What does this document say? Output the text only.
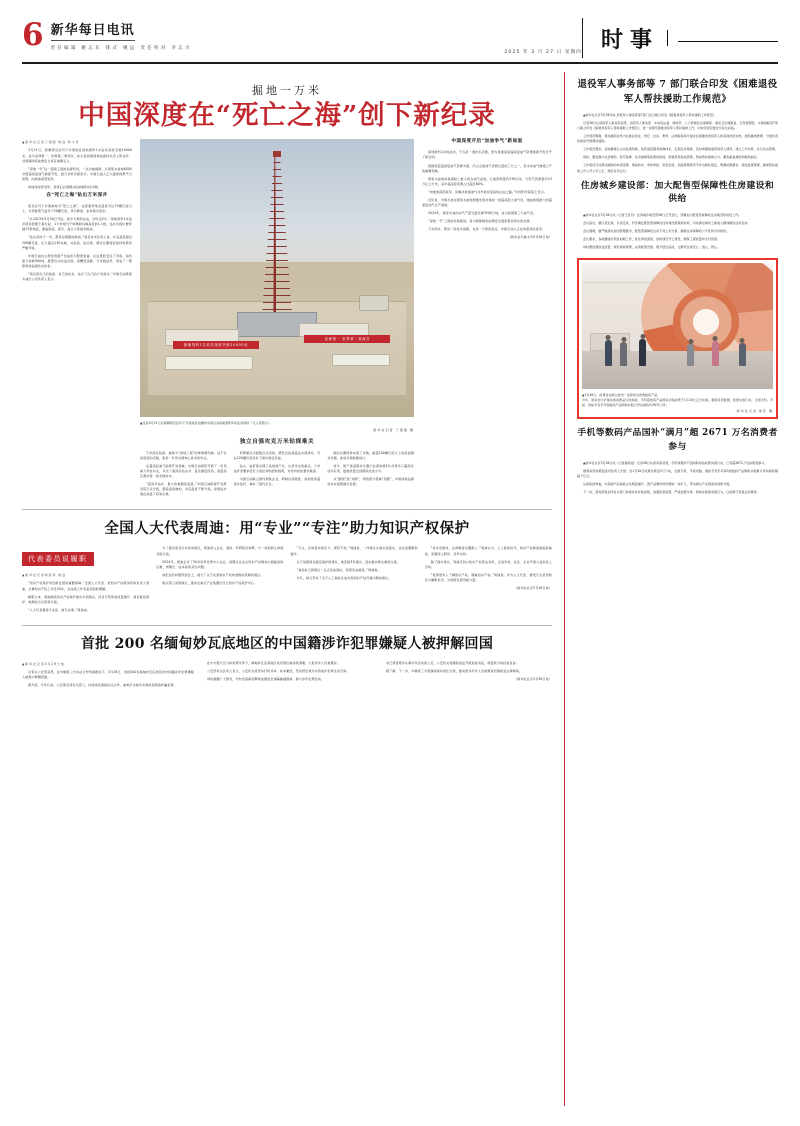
6 新华每日电讯
责任编辑 姚志东 排式 姚远 责任校对 李志兴
2025 年 3 月 27 日 星期四 时事
掘地一万米
中国深度在“死亡之海”创下新纪录
▲新华社记者丁建刚 姚远 杨小可

3月21日，新疆塔克拉玛干沙漠地区深地塔科1井钻井深度突破10000米，成为亚洲第一、世界第二垂深井，标志着我国深地钻探技术迈上新台阶，对保障国家能源安全具有重要意义。

“深地一号”这一超级工程的钻探纪录，一次次被刷新。从塔里木盆地8000米级超深层油气勘探开发，到万米科学探索井，中国石油人正以超常的勇气与智慧，向地球深部进军。

向地球深部进军，是我们必须解决的战略科技问题。

在“死亡之海”钻出万米深井

塔克拉玛干沙漠被称为“死亡之海”，这里夏季地表温度可达70摄氏度以上，冬季最低气温零下30摄氏度，风沙肆虐，条件极为恶劣。

“从2023年5月30日开钻，到今天顺利完钻，历时近2年。”深地塔科1井钻井项目经理王春生说，1万米相当于珠穆朗玛峰高度的1.1倍，钻井过程中要穿越13套地层，面临高温、高压、高应力等诸多挑战。

“钻头每向下一米，都是对极限的挑战。”项目技术负责人说，井底温度超过200摄氏度，压力超过130兆帕，对钻具、钻井液、测井仪器等装备材料都是严峻考验。

中国石油自主研发的国产化钻机与配套装备，在这里经受住了考验。钻机最大钩载900吨，配套自动化钻台面、高精度顶驱、万米级钻杆，形成了一整套深地钻探技术体系。

“我们用自己的装备、自己的技术，钻出了自己的万米深井。”中国石油塔里木油田公司负责人表示。

深地塔科1井钻井深度突破10000米
亚洲第一 世界第二垂深井
▲这是3月21日在新疆塔克拉玛干沙漠地区拍摄的中国石油深地塔科1井钻井现场（无人机照片）。
新华社记者 丁建刚 摄
独立自强攻克万米钻探难关

万米深井钻探，被称为“深地工程”的珠穆朗玛峰。这不仅是深度的突破，更是一系列关键核心技术的攻关。

在超深层油气勘探开发领域，中国石油组织开展了一系列重大科技攻关，攻克了超深井钻完井、复杂储层改造、高温高压测试等一批关键技术。

“超深井钻井，最大的难题是高温。”中国石油勘探开发研究院专家介绍，随着深度增加，井底温度不断升高，常规钻井液在高温下容易失效。

科研团队历经数百次试验，研发出抗高温钻井液体系，可在220摄氏度条件下保持稳定性能。

钻头、钻杆等关键工具的国产化，也是攻关的重点。万米钻杆需要承受巨大的拉伸和扭转载荷，对材料性能要求极高。

中国石油联合国内钢铁企业，研制出高强度、高韧性的超深井钻杆，填补了国内空白。

测井仪器同样实现了突破。耐温200摄氏度以上的高温测井仪器，此前长期依赖进口。

如今，国产高温测井仪器已在深地塔科1井等多口超深井成功应用，数据质量达到国际先进水平。

从“跟跑”到“并跑”，再到部分领域“领跑”，中国深地钻探技术实现跨越式发展。

中国深度开启“加油争气”新局面

深地塔科1井的成功，不仅是一项技术突破，更为我国深层超深层油气资源勘探开发打开了新空间。

我国深层超深层油气资源丰富，约占全国油气资源总量的三分之一，是未来油气增储上产的重要领域。

塔里木盆地是我国陆上最大的含油气盆地，石油资源量约230亿吨，天然气资源量约23万亿立方米，其中超深层资源占比超过60%。

“向地球深部进军，是解决我国油气对外依存度高的必由之路。”中国科学院院士表示。

近年来，中国石油在塔里木盆地相继发现并建成一批超深层大油气田，建成我国最大的超深层油气生产基地。

2024年，塔里木油田油气产量当量突破3500万吨，成为我国第三大油气田。

“深地一号”工程的持续推进，将为保障国家能源安全提供更加坚实的支撑。

万米深井，既是一座技术高峰，也是一个新的起点。中国石油人正在向更深处进军。

（新华社乌鲁木齐3月26日电）

全国人大代表周迪：用“专业”“专注”助力知识产权保护
代表委员说履职
▲新华社记者杨湛菲 姚远

“知识产权保护是创新发展的重要保障。”全国人大代表、某知识产权服务机构负责人周迪，从事知识产权工作近20年，对这项工作有着深刻的理解。

履职以来，周迪围绕知识产权保护提出多项建议，涉及专利审查质量提升、商业秘密保护、地理标志运用等方面。

“人大代表要讲专业话、做专业事。”周迪说。

为了提出更有针对性的建议，周迪深入企业、高校、科研院所调研，与一线创新主体面对面交流。

2024年，周迪走访了30多家科技型中小企业，梳理出企业在知识产权维权中面临的取证难、周期长、成本高等突出问题。

她把这些问题带到会上，提交了关于完善知识产权快速维权机制的建议。

相关部门采纳建议，推动在重点产业集聚区设立知识产权保护中心。

“专注，意味着持续发力、紧盯不放。”周迪说，一件建议从提出到落实，往往需要跟踪数年。

关于加强商业秘密保护的建议，她连续3年提出，逐步推动相关制度完善。

“看到自己的建议一点点变成现实，特别有成就感。”周迪说。

今年，她又带来了关于人工智能生成内容知识产权归属问题的建议。

“技术发展快，法律制度也要跟上。”周迪认为，人工智能时代，知识产权制度面临新挑战，需要深入研究、及早布局。

除了提出建议，周迪还热心知识产权普法宣传，走进学校、社区、企业开展公益讲座上百场。

“希望更多人了解知识产权、尊重知识产权。”周迪说，作为人大代表，要把专业优势转化为履职优势，为创新发展贡献力量。

（新华社北京3月26日电）

首批 200 名缅甸妙瓦底地区的中国籍涉诈犯罪嫌疑人被押解回国
▲新华社记者3月26日电

记者从公安部获悉，在中缅泰三方执法合作机制推动下，3月26日，首批200名缅甸妙瓦底地区的中国籍涉诈犯罪嫌疑人被集中押解回国。

据介绍，今年以来，公安部会同有关部门，持续深化国际执法合作，重拳打击境外涉我电信网络诈骗犯罪。

在中方强大压力和政策攻势下，缅甸妙瓦底等地区电诈园区被持续清剿，大批涉诈人员被遣返。

公安部有关负责人表示，公安机关将坚持打防并举、标本兼治，坚决挤压境外涉我电诈犯罪生存空间。

同时提醒广大群众，切勿受高薪招聘等虚假信息诱骗偷越国境、参与涉诈犯罪活动。

对已滞留境外从事涉诈活动的人员，公安机关将继续依法开展追逃劝投，敦促其尽快投案自首。

据了解，下一步，中缅泰三方将继续保持高压态势，推动更多涉诈人员被遣返回国接受法律制裁。

（新华社北京3月26日电）

退役军人事务部等 7 部门联合印发《困难退役军人帮扶援助工作规范》

▲新华社北京3月26日电 退役军人事务部等7部门近日联合印发《困难退役军人帮扶援助工作规范》

记者26日从退役军人事务部获悉，退役军人事务部、中央政法委、财政部、人力资源社会保障部、国家卫生健康委、应急管理部、中国残联等7部门联合印发《困难退役军人帮扶援助工作规范》，进一步规范困难退役军人帮扶援助工作，切实兜住兜准兜牢民生底线。

工作规范明确，帮扶援助对象为在就业创业、医疗、住房、教育、法律服务等方面存在困难的退役军人和其他优抚对象，按照属地管理、分级负责的原则开展帮扶援助。

工作规范要求，各地要健全主动发现机制，依托基层服务保障体系，定期走访摸排，及时掌握困难退役军人情况，建立工作台账，实行动态管理。

同时，要加强与社会救助、医疗保障、住房保障等政策的衔接，统筹使用各类资源，形成帮扶援助合力，避免重复救助和救助缺位。

工作规范还对帮扶援助的申请受理、调查核实、审核审批、资金发放、档案管理等环节作出细化规定，明确时限要求，强化监督管理，确保帮扶援助工作公开公平公正、规范有序运行。

住房城乡建设部：加大配售型保障性住房建设和供给

▲新华社北京3月26日电（记者王优玲）住房城乡建设部26日召开会议，部署加大配售型保障性住房建设和供给工作。

会议指出，要以需定建、以需定供，科学确定配售型保障性住房建设规模和布局，切实满足城市工薪收入群体刚性住房需求。

会议强调，要严格落实封闭管理要求，配售型保障性住房不得上市交易，确保住房保障的公平性和可持续性。

会议要求，各地要做好项目前期工作，优化审批流程，加快项目开工建设，确保工程质量和交付进度。

同时要加强资金监管，规范销售管理，完善配套设施，提升居住品质，让群众住得安心、放心、舒心。

▲3月26日，消费者在浙江杭州一家商场内选购数码产品。
今年，国家加力扩围实施消费品以旧换新，手机等数码产品国家补贴政策于1月20日正式实施。据商务部数据，政策实施以来，全国手机、平板、智能手表手环等数码产品购新补贴已带动销售约2671万件。
新华社记者 徐昱 摄
手机等数码产品国补“满月”超 2671 万名消费者参与

▲新华社北京3月26日电（记者谢希瑶）记者26日从商务部获悉，手机等数码产品购新补贴政策实施以来，已有超2671万名消费者参与。

据商务部消费促进司负责人介绍，自1月20日政策实施至2月下旬，全国手机、平板电脑、智能手表手环等3类数码产品购新补贴累计带动销售额超千亿元。

从销售结构看，中高端产品销售占比明显提升，国产品牌市场份额进一步扩大，带动相关产业链加快创新升级。

下一步，商务部将会同有关部门持续优化补贴流程，加强资金监管，严查虚假交易、套取补贴等违规行为，让政策红利直达消费者。
